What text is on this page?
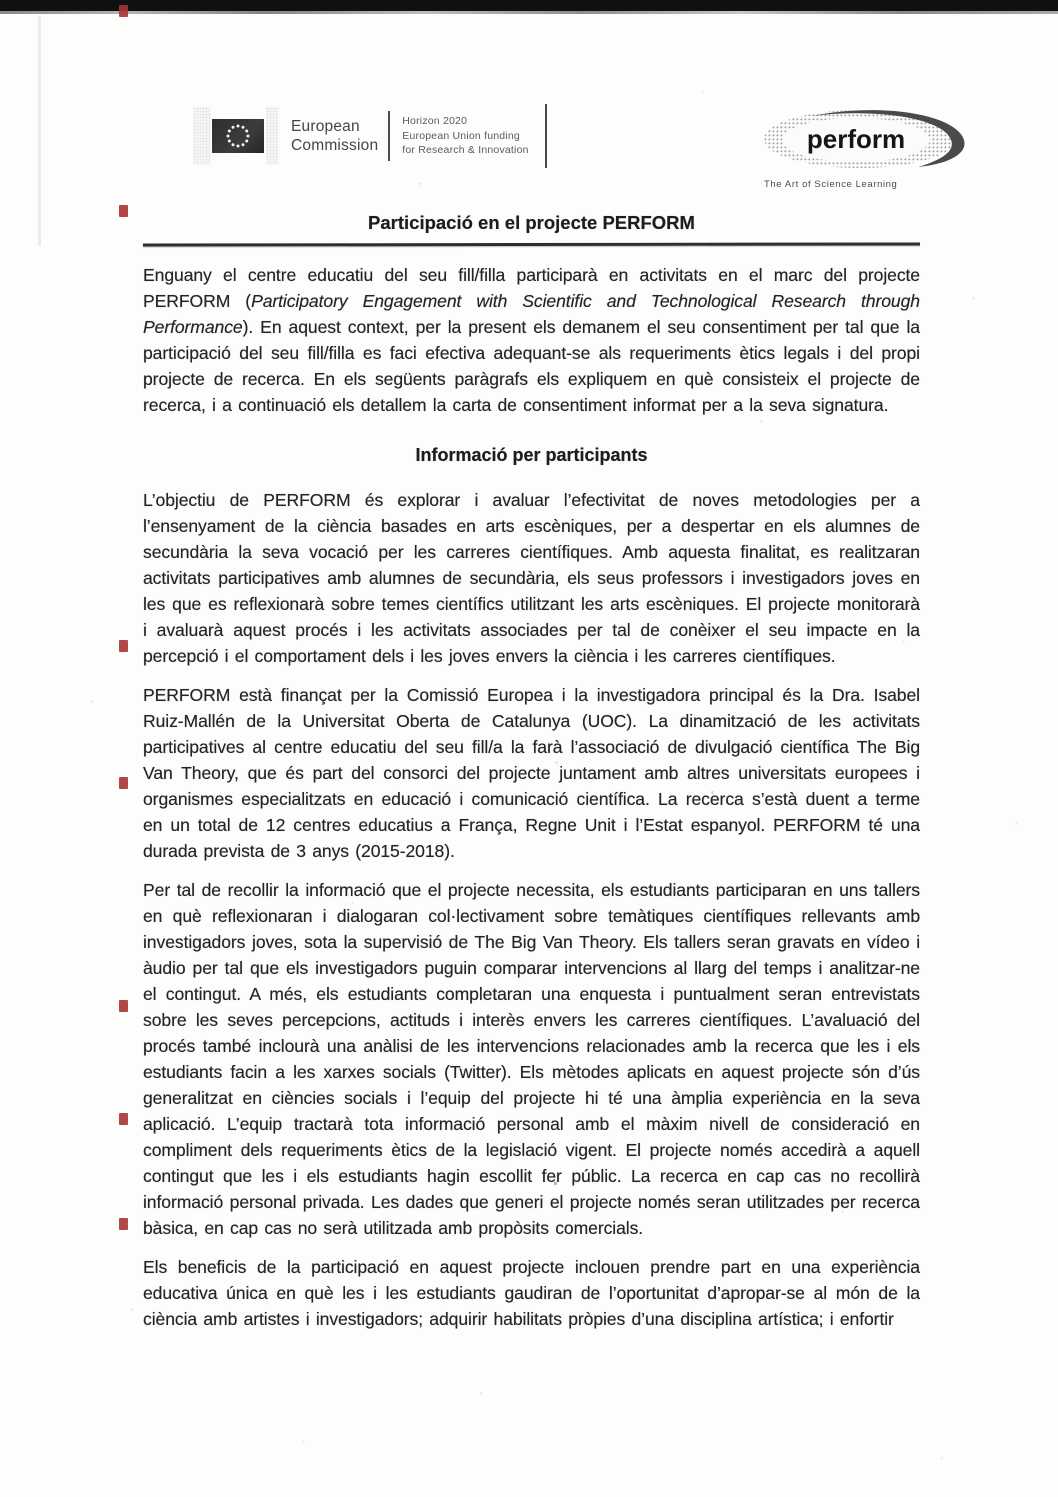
European
Commission
Horizon 2020
European Union funding
for Research & Innovation	perform
The Art of Science Learning
Participació en el projecte PERFORM

Enguany el centre educatiu del seu fill/filla participarà en activitats en el marc del projecte PERFORM (Participatory Engagement with Scientific and Technological Research through Performance). En aquest context, per la present els demanem el seu consentiment per tal que la participació del seu fill/filla es faci efectiva adequant-se als requeriments ètics legals i del propi projecte de recerca. En els següents paràgrafs els expliquem en què consisteix el projecte de recerca, i a continuació els detallem la carta de consentiment informat per a la seva signatura.

Informació per participants

L’objectiu de PERFORM és explorar i avaluar l’efectivitat de noves metodologies per a l’ensenyament de la ciència basades en arts escèniques, per a despertar en els alumnes de secundària la seva vocació per les carreres científiques. Amb aquesta finalitat, es realitzaran activitats participatives amb alumnes de secundària, els seus professors i investigadors joves en les que es reflexionarà sobre temes científics utilitzant les arts escèniques. El projecte monitorarà i avaluarà aquest procés i les activitats associades per tal de conèixer el seu impacte en la percepció i el comportament dels i les joves envers la ciència i les carreres científiques.

PERFORM està finançat per la Comissió Europea i la investigadora principal és la Dra. Isabel Ruiz-Mallén de la Universitat Oberta de Catalunya (UOC). La dinamització de les activitats participatives al centre educatiu del seu fill/a la farà l’associació de divulgació científica The Big Van Theory, que és part del consorci del projecte juntament amb altres universitats europees i organismes especialitzats en educació i comunicació científica. La recerca s’està duent a terme en un total de 12 centres educatius a França, Regne Unit i l’Estat espanyol. PERFORM té una durada prevista de 3 anys (2015-2018).

Per tal de recollir la informació que el projecte necessita, els estudiants participaran en uns tallers en què reflexionaran i dialogaran col·lectivament sobre temàtiques científiques rellevants amb investigadors joves, sota la supervisió de The Big Van Theory. Els tallers seran gravats en vídeo i àudio per tal que els investigadors puguin comparar intervencions al llarg del temps i analitzar-ne el contingut. A més, els estudiants completaran una enquesta i puntualment seran entrevistats sobre les seves percepcions, actituds i interès envers les carreres científiques. L’avaluació del procés també inclourà una anàlisi de les intervencions relacionades amb la recerca que les i els estudiants facin a les xarxes socials (Twitter). Els mètodes aplicats en aquest projecte són d’ús generalitzat en ciències socials i l’equip del projecte hi té una àmplia experiència en la seva aplicació. L’equip tractarà tota informació personal amb el màxim nivell de consideració en compliment dels requeriments ètics de la legislació vigent. El projecte només accedirà a aquell contingut que les i els estudiants hagin escollit fer públic. La recerca en cap cas no recollirà informació personal privada. Les dades que generi el projecte només seran utilitzades per recerca bàsica, en cap cas no serà utilitzada amb propòsits comercials.

Els beneficis de la participació en aquest projecte inclouen prendre part en una experiència educativa única en què les i les estudiants gaudiran de l’oportunitat d’apropar-se al món de la ciència amb artistes i investigadors; adquirir habilitats pròpies d’una disciplina artística; i enfortir
